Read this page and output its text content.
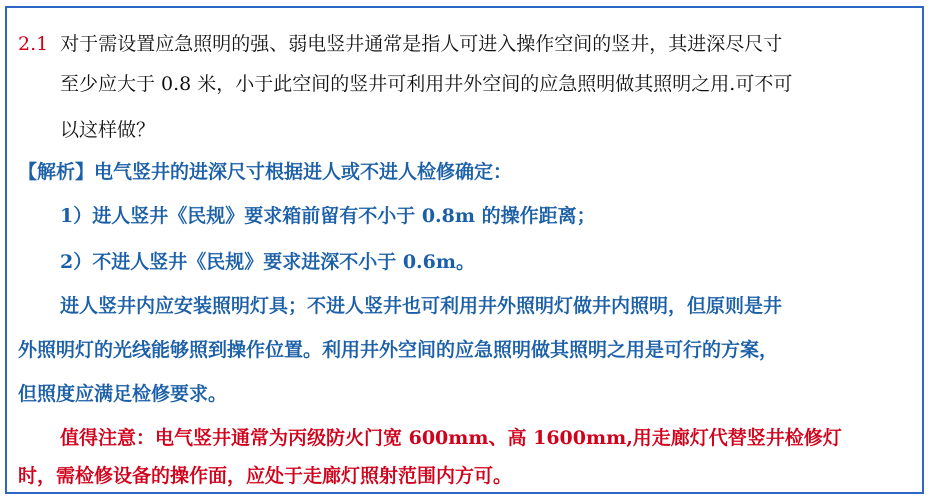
2.1 对于需设置应急照明的强、弱电竖井通常是指人可进入操作空间的竖井，其进深尽尺寸
至少应大于 0.8 米，小于此空间的竖井可利用井外空间的应急照明做其照明之用.可不可
以这样做？
【解析】电气竖井的进深尺寸根据进人或不进人检修确定：
1）进人竖井《民规》要求箱前留有不小于 0.8m 的操作距离；
2）不进人竖井《民规》要求进深不小于 0.6m。
进人竖井内应安装照明灯具；不进人竖井也可利用井外照明灯做井内照明，但原则是井
外照明灯的光线能够照到操作位置。利用井外空间的应急照明做其照明之用是可行的方案，
但照度应满足检修要求。
值得注意：电气竖井通常为丙级防火门宽 600mm、高 1600mm,用走廊灯代替竖井检修灯
时，需检修设备的操作面，应处于走廊灯照射范围内方可。
